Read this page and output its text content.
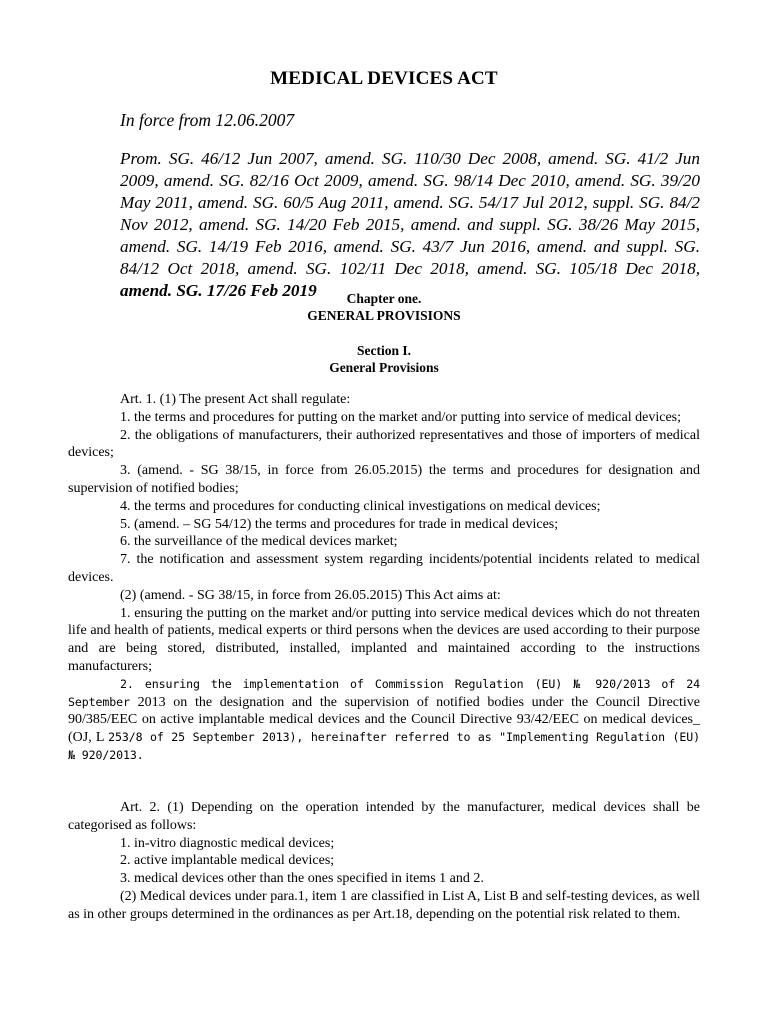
MEDICAL DEVICES ACT
In force from 12.06.2007
Prom. SG. 46/12 Jun 2007, amend. SG. 110/30 Dec 2008, amend. SG. 41/2 Jun 2009, amend. SG. 82/16 Oct 2009, amend. SG. 98/14 Dec 2010, amend. SG. 39/20 May 2011, amend. SG. 60/5 Aug 2011, amend. SG. 54/17 Jul 2012, suppl. SG. 84/2 Nov 2012, amend. SG. 14/20 Feb 2015, amend. and suppl. SG. 38/26 May 2015, amend. SG. 14/19 Feb 2016, amend. SG. 43/7 Jun 2016, amend. and suppl. SG. 84/12 Oct 2018, amend. SG. 102/11 Dec 2018, amend. SG. 105/18 Dec 2018, amend. SG. 17/26 Feb 2019	Chapter one.
GENERAL PROVISIONS
Section I.
General Provisions

Art. 1. (1) The present Act shall regulate:

1. the terms and procedures for putting on the market and/or putting into service of medical devices;

2. the obligations of manufacturers, their authorized representatives and those of importers of medical devices;

3. (amend. - SG 38/15, in force from 26.05.2015) the terms and procedures for designation and supervision of notified bodies;

4. the terms and procedures for conducting clinical investigations on medical devices;

5. (amend. – SG 54/12) the terms and procedures for trade in medical devices;

6. the surveillance of the medical devices market;

7. the notification and assessment system regarding incidents/potential incidents related to medical devices.

(2) (amend. - SG 38/15, in force from 26.05.2015) This Act aims at:

1. ensuring the putting on the market and/or putting into service medical devices which do not threaten life and health of patients, medical experts or third persons when the devices are used according to their purpose and are being stored, distributed, installed, implanted and maintained according to the instructions manufacturers;

2. ensuring the implementation of Commission Regulation (EU) № 920/2013 of 24 September 2013 on the designation and the supervision of notified bodies under the Council Directive 90/385/EEC on active implantable medical devices and the Council Directive 93/42/EEC on medical devices_ (OJ, L 253/8 of 25 September 2013), hereinafter referred to as "Implementing Regulation (EU) № 920/2013.

Art. 2. (1) Depending on the operation intended by the manufacturer, medical devices shall be categorised as follows:

1. in-vitro diagnostic medical devices;

2. active implantable medical devices;

3. medical devices other than the ones specified in items 1 and 2.

(2) Medical devices under para.1, item 1 are classified in List A, List B and self-testing devices, as well as in other groups determined in the ordinances as per Art.18, depending on the potential risk related to them.
